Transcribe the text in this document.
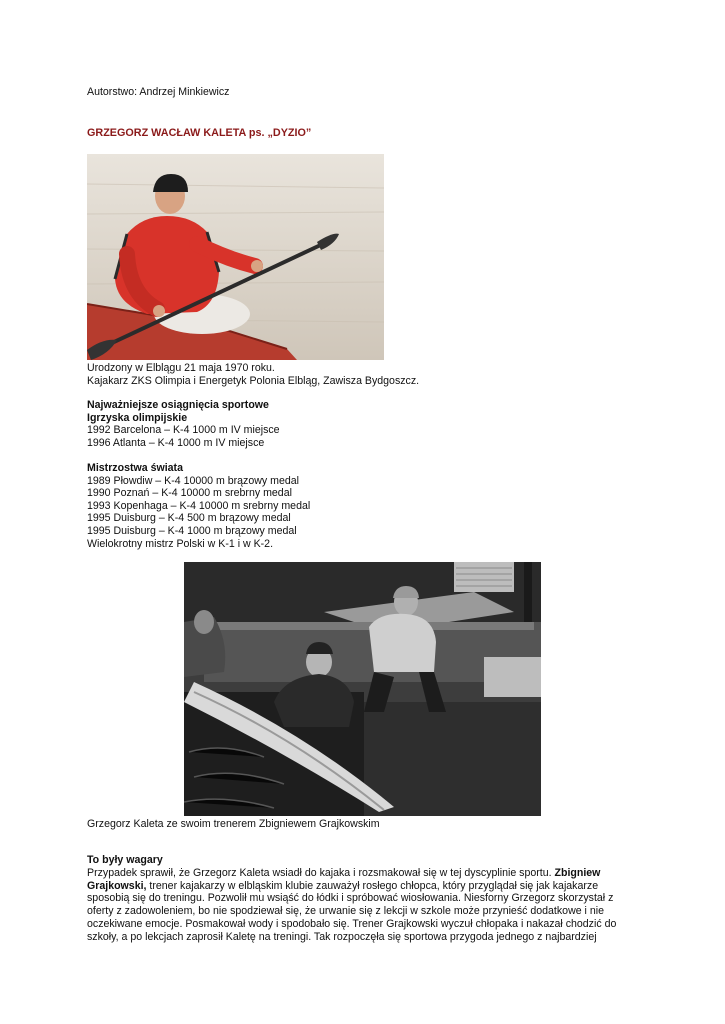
Autorstwo: Andrzej Minkiewicz
GRZEGORZ WACŁAW KALETA ps. „DYZIO”
Urodzony w Elblągu 21 maja 1970 roku.
Kajakarz ZKS Olimpia i Energetyk Polonia Elbląg, Zawisza Bydgoszcz.
Najważniejsze osiągnięcia sportowe
Igrzyska olimpijskie
1992 Barcelona – K-4 1000 m IV miejsce
1996 Atlanta – K-4 1000 m IV miejsce
Mistrzostwa świata
1989 Płowdiw – K-4 10000 m brązowy medal
1990 Poznań – K-4 10000 m srebrny medal
1993 Kopenhaga – K-4 10000 m srebrny medal
1995 Duisburg – K-4 500 m brązowy medal
1995 Duisburg – K-4 1000 m brązowy medal
Wielokrotny mistrz Polski w K-1 i w K-2.
Grzegorz Kaleta ze swoim trenerem Zbigniewem Grajkowskim

To były wagary

Przypadek sprawił, że Grzegorz Kaleta wsiadł do kajaka i rozsmakował się w tej dyscyplinie sportu. Zbigniew

Grajkowski, trener kajakarzy w elbląskim klubie zauważył rosłego chłopca, który przyglądał się jak kajakarze

sposobią się do treningu. Pozwolił mu wsiąść do łódki i spróbować wiosłowania. Niesforny Grzegorz skorzystał z

oferty z zadowoleniem, bo nie spodziewał się, że urwanie się z lekcji w szkole może przynieść dodatkowe i nie

oczekiwane emocje. Posmakował wody i spodobało się. Trener Grajkowski wyczuł chłopaka i nakazał chodzić do

szkoły, a po lekcjach zaprosił Kaletę na treningi. Tak rozpoczęła się sportowa przygoda jednego z najbardziej
